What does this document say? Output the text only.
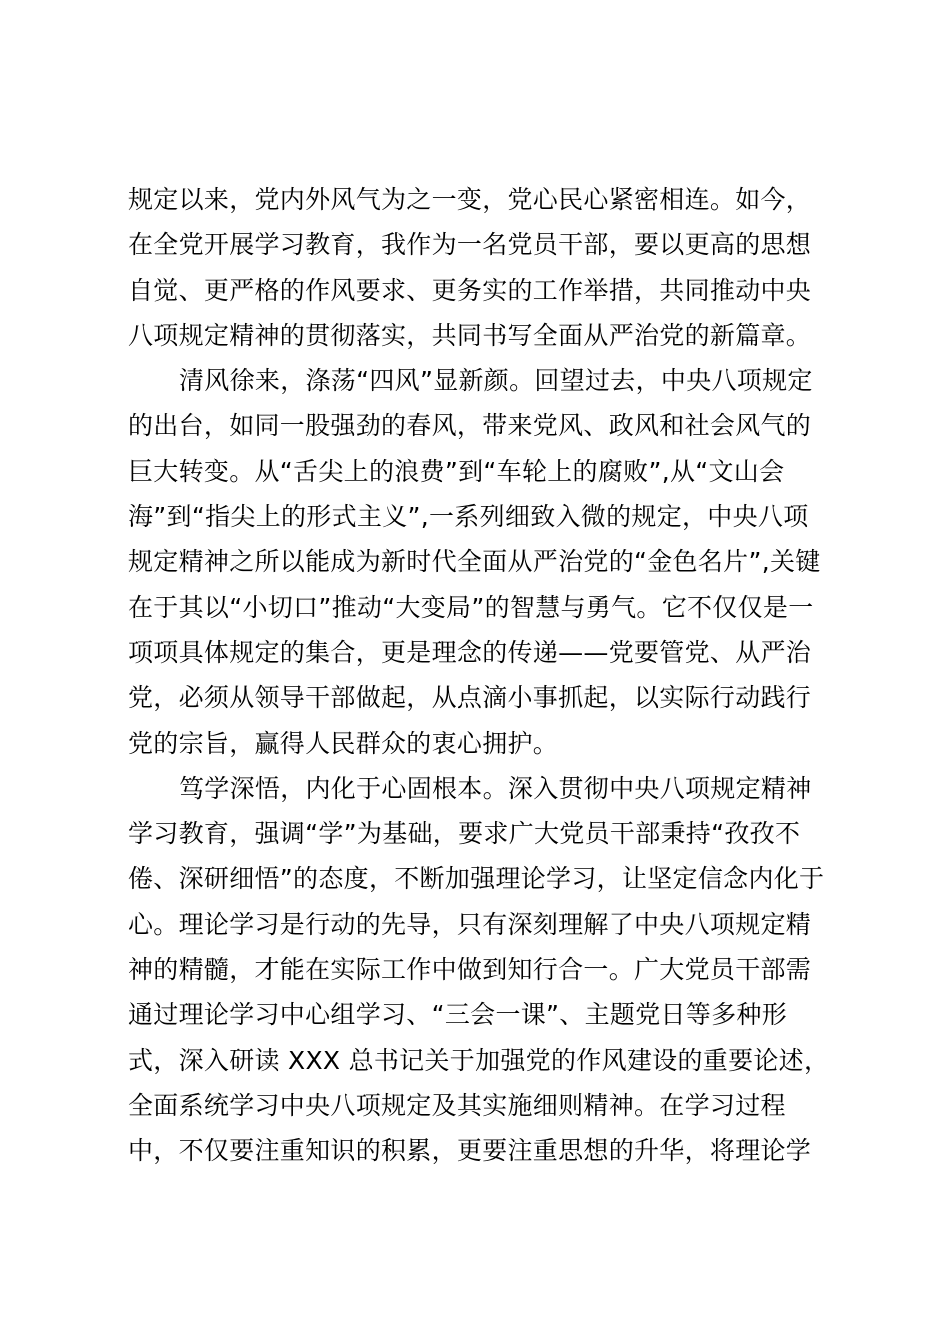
规定以来，党内外风气为之一变，党心民心紧密相连。如今，
在全党开展学习教育，我作为一名党员干部，要以更高的思想
自觉、更严格的作风要求、更务实的工作举措，共同推动中央
八项规定精神的贯彻落实，共同书写全面从严治党的新篇章。
清风徐来，涤荡“四风”显新颜。回望过去，中央八项规定
的出台，如同一股强劲的春风，带来党风、政风和社会风气的
巨大转变。从“舌尖上的浪费”到“车轮上的腐败”,从“文山会
海”到“指尖上的形式主义”,一系列细致入微的规定，中央八项
规定精神之所以能成为新时代全面从严治党的“金色名片”,关键
在于其以“小切口”推动“大变局”的智慧与勇气。它不仅仅是一
项项具体规定的集合，更是理念的传递——党要管党、从严治
党，必须从领导干部做起，从点滴小事抓起，以实际行动践行
党的宗旨，赢得人民群众的衷心拥护。
笃学深悟，内化于心固根本。深入贯彻中央八项规定精神
学习教育，强调“学”为基础，要求广大党员干部秉持“孜孜不
倦、深研细悟”的态度，不断加强理论学习，让坚定信念内化于
心。理论学习是行动的先导，只有深刻理解了中央八项规定精
神的精髓，才能在实际工作中做到知行合一。广大党员干部需
通过理论学习中心组学习、“三会一课”、主题党日等多种形
式，深入研读 XXX 总书记关于加强党的作风建设的重要论述，
全面系统学习中央八项规定及其实施细则精神。在学习过程
中，不仅要注重知识的积累，更要注重思想的升华，将理论学
